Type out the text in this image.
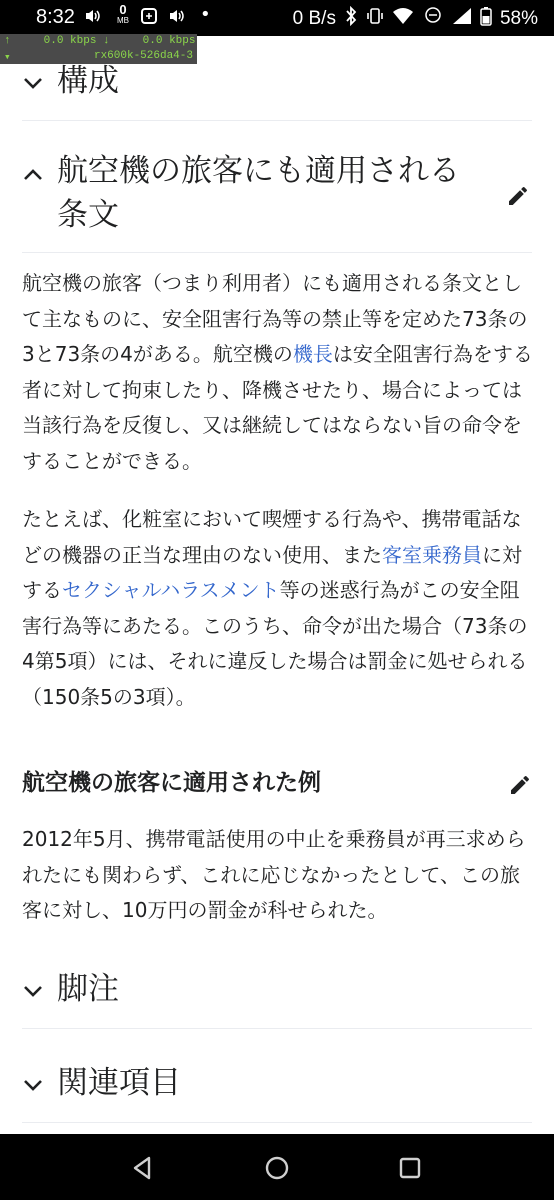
8:32	0
MB	•	0 B/s	58%
↑	0.0 kbps ↓	0.0 kbps
▾	rx600k-526da4-3
構成
航空機の旅客にも適用される
条文

航空機の旅客（つまり利用者）にも適用される条文として主なものに、安全阻害行為等の禁止等を定めた73条の3と73条の4がある。航空機の機長は安全阻害行為をする者に対して拘束したり、降機させたり、場合によっては当該行為を反復し、又は継続してはならない旨の命令をすることができる。

たとえば、化粧室において喫煙する行為や、携帯電話などの機器の正当な理由のない使用、また客室乗務員に対するセクシャルハラスメント等の迷惑行為がこの安全阻害行為等にあたる。このうち、命令が出た場合（73条の4第5項）には、それに違反した場合は罰金に処せられる（150条5の3項）。

航空機の旅客に適用された例

2012年5月、携帯電話使用の中止を乗務員が再三求められたにも関わらず、これに応じなかったとして、この旅客に対し、10万円の罰金が科せられた。

脚注
関連項目
